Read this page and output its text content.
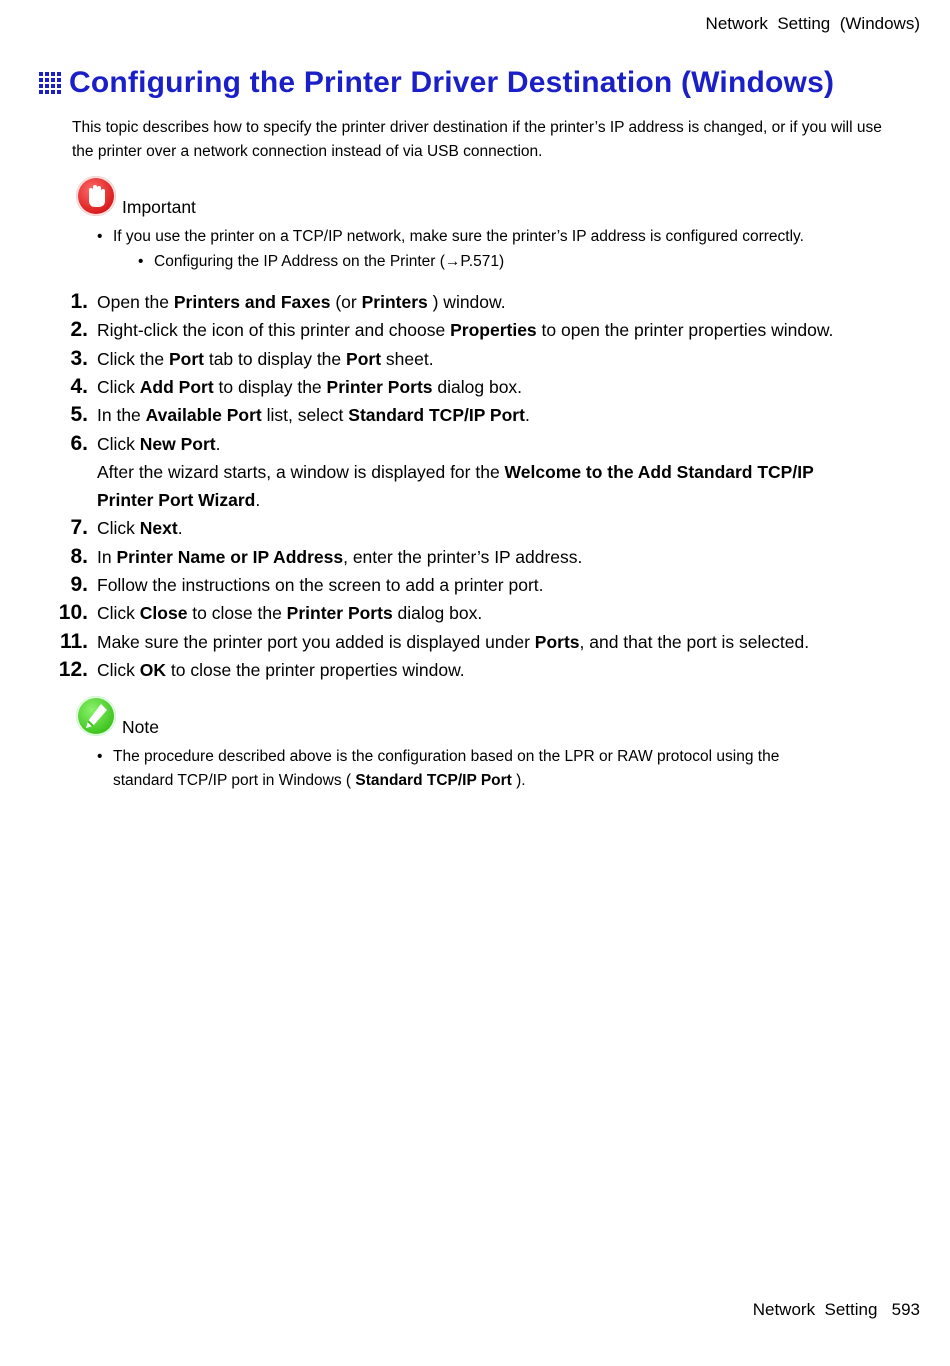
Network  Setting  (Windows)
Configuring the Printer Driver Destination (Windows)
This topic describes how to specify the printer driver destination if the printer’s IP address is changed, or if you will use the printer over a network connection instead of via USB connection.
Important
• If you use the printer on a TCP/IP network, make sure the printer’s IP address is configured correctly.
• Configuring the IP Address on the Printer (→P.571)
1. Open the Printers and Faxes (or Printers ) window.
2. Right-click the icon of this printer and choose Properties to open the printer properties window.
3. Click the Port tab to display the Port sheet.
4. Click Add Port to display the Printer Ports dialog box.
5. In the Available Port list, select Standard TCP/IP Port.
6. Click New Port.
After the wizard starts, a window is displayed for the Welcome to the Add Standard TCP/IP
Printer Port Wizard.
7. Click Next.
8. In Printer Name or IP Address, enter the printer’s IP address.
9. Follow the instructions on the screen to add a printer port.
10. Click Close to close the Printer Ports dialog box.
11. Make sure the printer port you added is displayed under Ports, and that the port is selected.
12. Click OK to close the printer properties window.
Note
• The procedure described above is the configuration based on the LPR or RAW protocol using the
standard TCP/IP port in Windows ( Standard TCP/IP Port ).
Network  Setting 593
